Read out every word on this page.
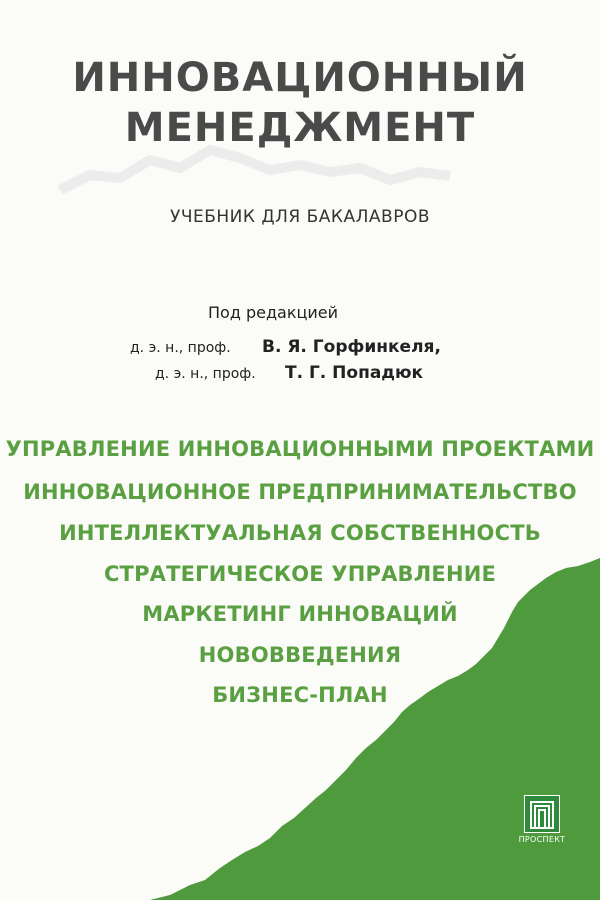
ИННОВАЦИОННЫЙ
МЕНЕДЖМЕНТ
УЧЕБНИК ДЛЯ БАКАЛАВРОВ
Под редакцией
д. э. н., проф. В. Я. Горфинкеля,
д. э. н., проф. Т. Г. Попадюк
УПРАВЛЕНИЕ ИННОВАЦИОННЫМИ ПРОЕКТАМИ
ИННОВАЦИОННОЕ ПРЕДПРИНИМАТЕЛЬСТВО
ИНТЕЛЛЕКТУАЛЬНАЯ СОБСТВЕННОСТЬ
СТРАТЕГИЧЕСКОЕ УПРАВЛЕНИЕ
МАРКЕТИНГ ИННОВАЦИЙ
НОВОВВЕДЕНИЯ
БИЗНЕС-ПЛАН
ПРОСПЕКТ
